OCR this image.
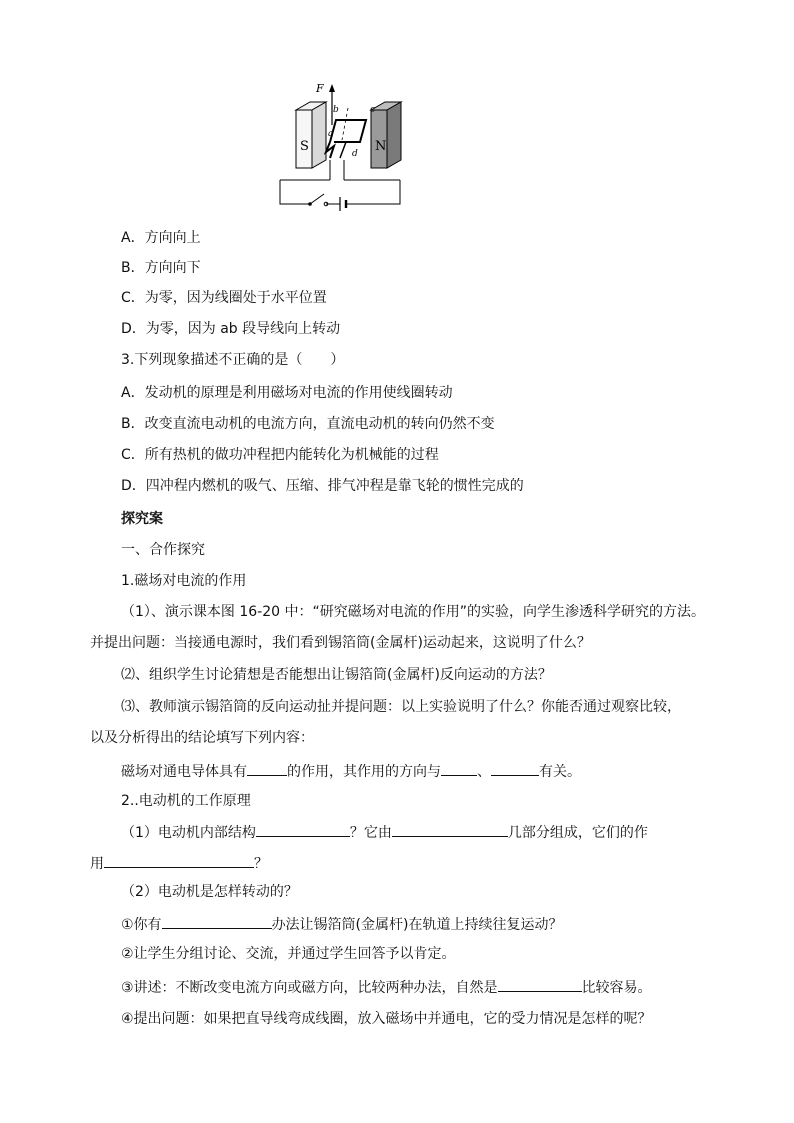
S	N
F
a
b	c
d
A．方向向上
B．方向向下
C．为零，因为线圈处于水平位置
D．为零，因为 ab 段导线向上转动
3.下列现象描述不正确的是（　　）
A．发动机的原理是利用磁场对电流的作用使线圈转动
B．改变直流电动机的电流方向，直流电动机的转向仍然不变
C．所有热机的做功冲程把内能转化为机械能的过程
D．四冲程内燃机的吸气、压缩、排气冲程是靠飞轮的惯性完成的
探究案
一、合作探究
1.磁场对电流的作用
（1）、演示课本图 16-20 中：“研究磁场对电流的作用”的实验，向学生渗透科学研究的方法。
并提出问题：当接通电源时，我们看到锡箔筒(金属杆)运动起来，这说明了什么？
⑵、组织学生讨论猜想是否能想出让锡箔筒(金属杆)反向运动的方法？
⑶、教师演示锡箔筒的反向运动扯并提问题：以上实验说明了什么？你能否通过观察比较，
以及分析得出的结论填写下列内容：
磁场对通电导体具有	的作用，其作用的方向与	、	有关。
2..电动机的工作原理
（1）电动机内部结构	？它由	几部分组成，它们的作
用	？
（2）电动机是怎样转动的？
①你有	办法让锡箔筒(金属杆)在轨道上持续往复运动？
②让学生分组讨论、交流，并通过学生回答予以肯定。
③讲述：不断改变电流方向或磁方向，比较两种办法，自然是	比较容易。
④提出问题：如果把直导线弯成线圈，放入磁场中并通电，它的受力情况是怎样的呢？
